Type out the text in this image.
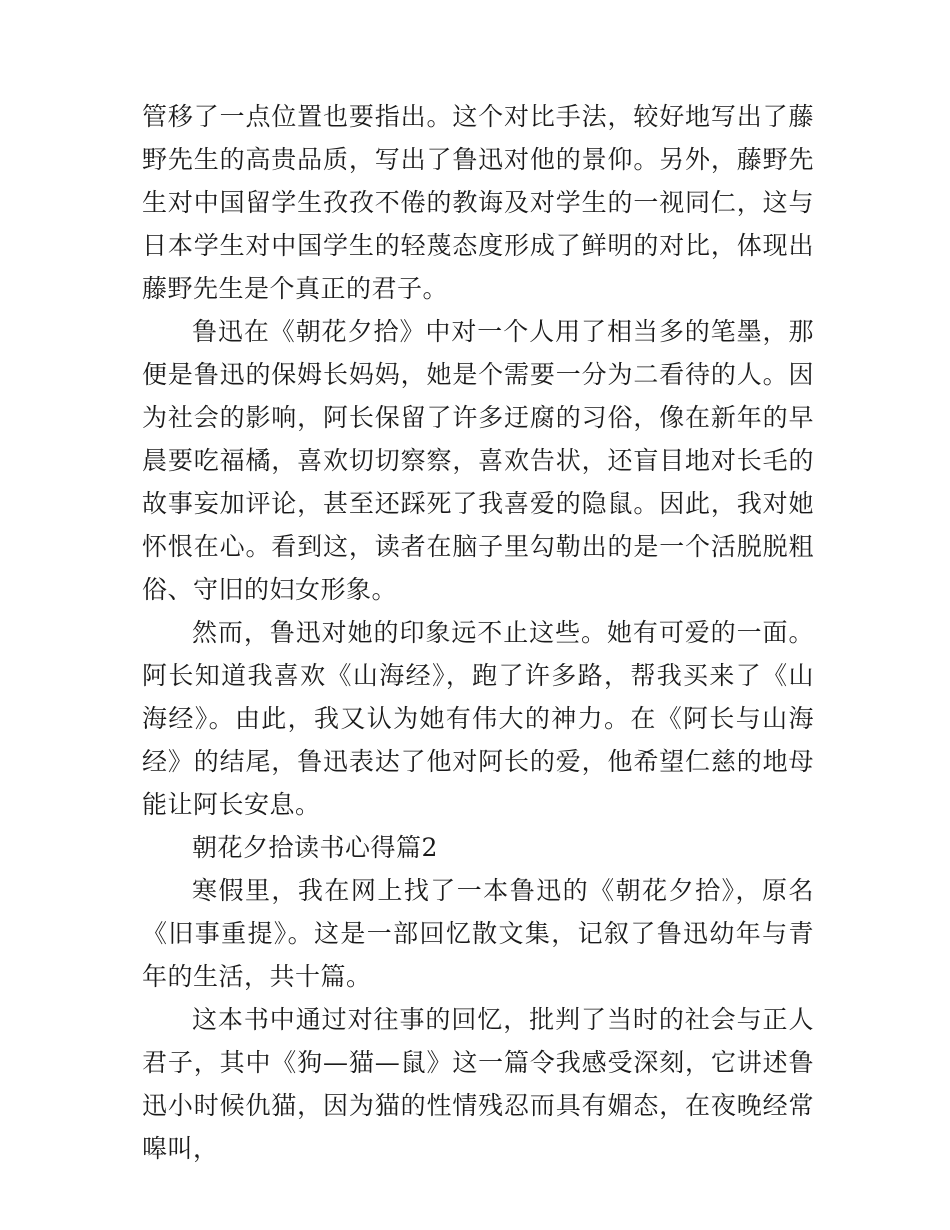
管移了一点位置也要指出。这个对比手法，较好地写出了藤野先生的高贵品质，写出了鲁迅对他的景仰。另外，藤野先生对中国留学生孜孜不倦的教诲及对学生的一视同仁，这与日本学生对中国学生的轻蔑态度形成了鲜明的对比，体现出藤野先生是个真正的君子。

鲁迅在《朝花夕拾》中对一个人用了相当多的笔墨，那便是鲁迅的保姆长妈妈，她是个需要一分为二看待的人。因为社会的影响，阿长保留了许多迂腐的习俗，像在新年的早晨要吃福橘，喜欢切切察察，喜欢告状，还盲目地对长毛的故事妄加评论，甚至还踩死了我喜爱的隐鼠。因此，我对她怀恨在心。看到这，读者在脑子里勾勒出的是一个活脱脱粗俗、守旧的妇女形象。

然而，鲁迅对她的印象远不止这些。她有可爱的一面。阿长知道我喜欢《山海经》，跑了许多路，帮我买来了《山海经》。由此，我又认为她有伟大的神力。在《阿长与山海经》的结尾，鲁迅表达了他对阿长的爱，他希望仁慈的地母能让阿长安息。

朝花夕拾读书心得篇2

寒假里，我在网上找了一本鲁迅的《朝花夕拾》，原名《旧事重提》。这是一部回忆散文集，记叙了鲁迅幼年与青年的生活，共十篇。

这本书中通过对往事的回忆，批判了当时的社会与正人君子，其中《狗—猫—鼠》这一篇令我感受深刻，它讲述鲁迅小时候仇猫，因为猫的性情残忍而具有媚态，在夜晚经常嗥叫，
